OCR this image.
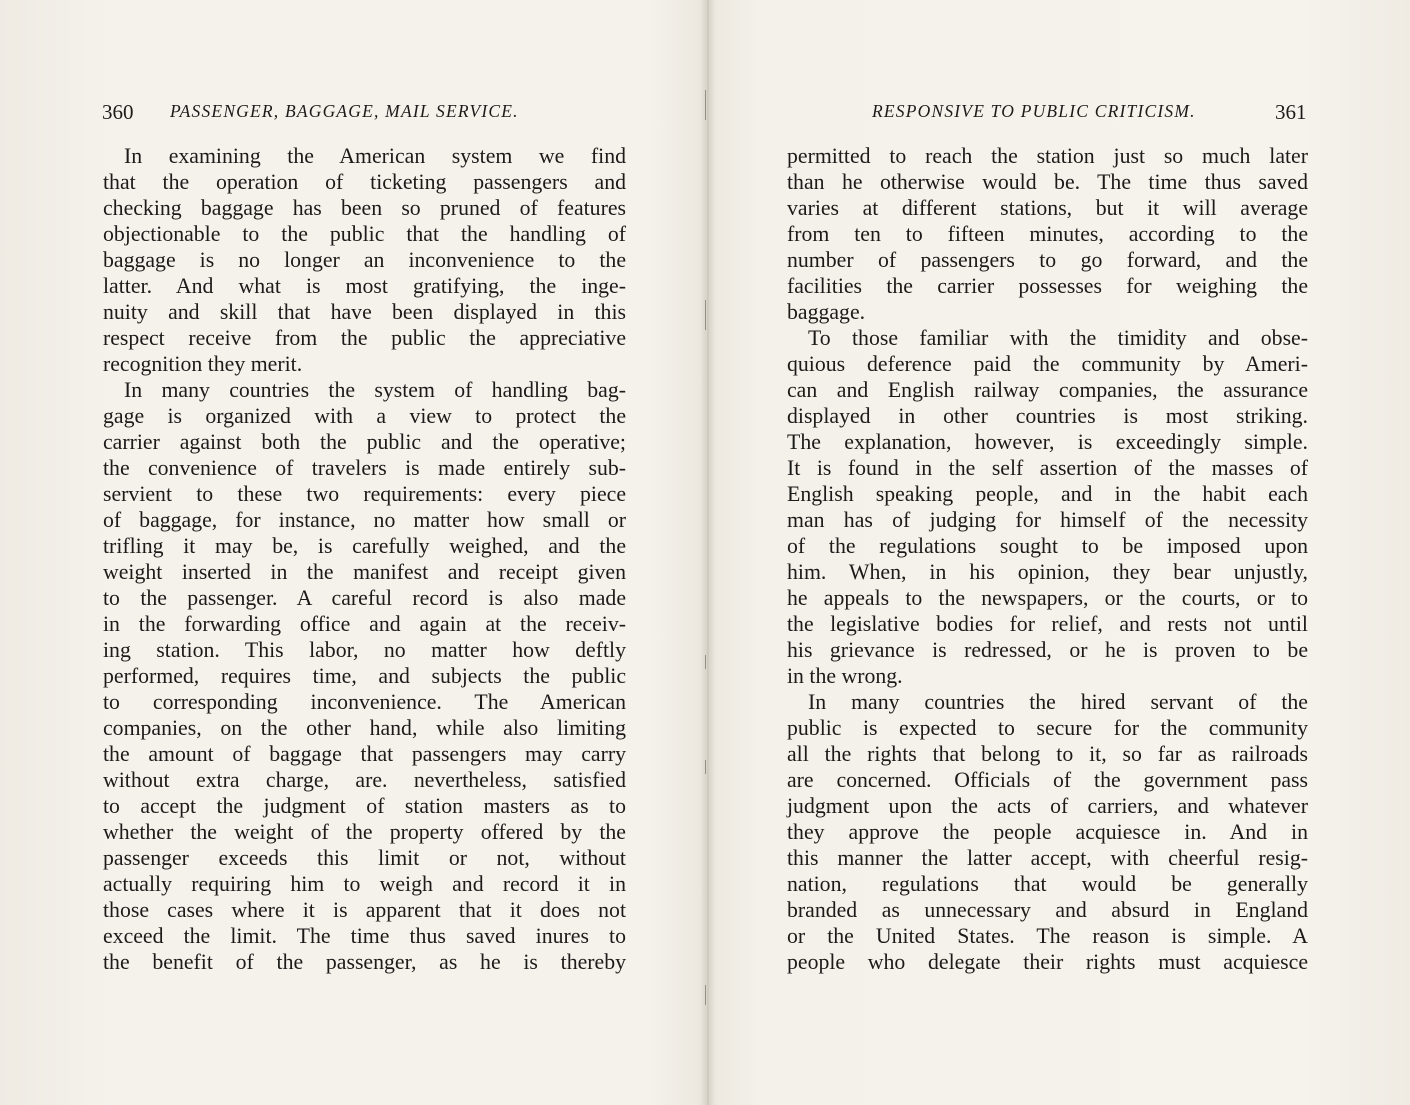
360 PASSENGER, BAGGAGE, MAIL SERVICE.
In examining the American system we find
that the operation of ticketing passengers and
checking baggage has been so pruned of features
objectionable to the public that the handling of
baggage is no longer an inconvenience to the
latter. And what is most gratifying, the inge-
nuity and skill that have been displayed in this
respect receive from the public the appreciative
recognition they merit.
In many countries the system of handling bag-
gage is organized with a view to protect the
carrier against both the public and the operative;
the convenience of travelers is made entirely sub-
servient to these two requirements: every piece
of baggage, for instance, no matter how small or
trifling it may be, is carefully weighed, and the
weight inserted in the manifest and receipt given
to the passenger. A careful record is also made
in the forwarding office and again at the receiv-
ing station. This labor, no matter how deftly
performed, requires time, and subjects the public
to corresponding inconvenience. The American
companies, on the other hand, while also limiting
the amount of baggage that passengers may carry
without extra charge, are. nevertheless, satisfied
to accept the judgment of station masters as to
whether the weight of the property offered by the
passenger exceeds this limit or not, without
actually requiring him to weigh and record it in
those cases where it is apparent that it does not
exceed the limit. The time thus saved inures to
the benefit of the passenger, as he is thereby
RESPONSIVE TO PUBLIC CRITICISM.	361
permitted to reach the station just so much later
than he otherwise would be. The time thus saved
varies at different stations, but it will average
from ten to fifteen minutes, according to the
number of passengers to go forward, and the
facilities the carrier possesses for weighing the
baggage.
To those familiar with the timidity and obse-
quious deference paid the community by Ameri-
can and English railway companies, the assurance
displayed in other countries is most striking.
The explanation, however, is exceedingly simple.
It is found in the self assertion of the masses of
English speaking people, and in the habit each
man has of judging for himself of the necessity
of the regulations sought to be imposed upon
him. When, in his opinion, they bear unjustly,
he appeals to the newspapers, or the courts, or to
the legislative bodies for relief, and rests not until
his grievance is redressed, or he is proven to be
in the wrong.
In many countries the hired servant of the
public is expected to secure for the community
all the rights that belong to it, so far as railroads
are concerned. Officials of the government pass
judgment upon the acts of carriers, and whatever
they approve the people acquiesce in. And in
this manner the latter accept, with cheerful resig-
nation, regulations that would be generally
branded as unnecessary and absurd in England
or the United States. The reason is simple. A
people who delegate their rights must acquiesce
